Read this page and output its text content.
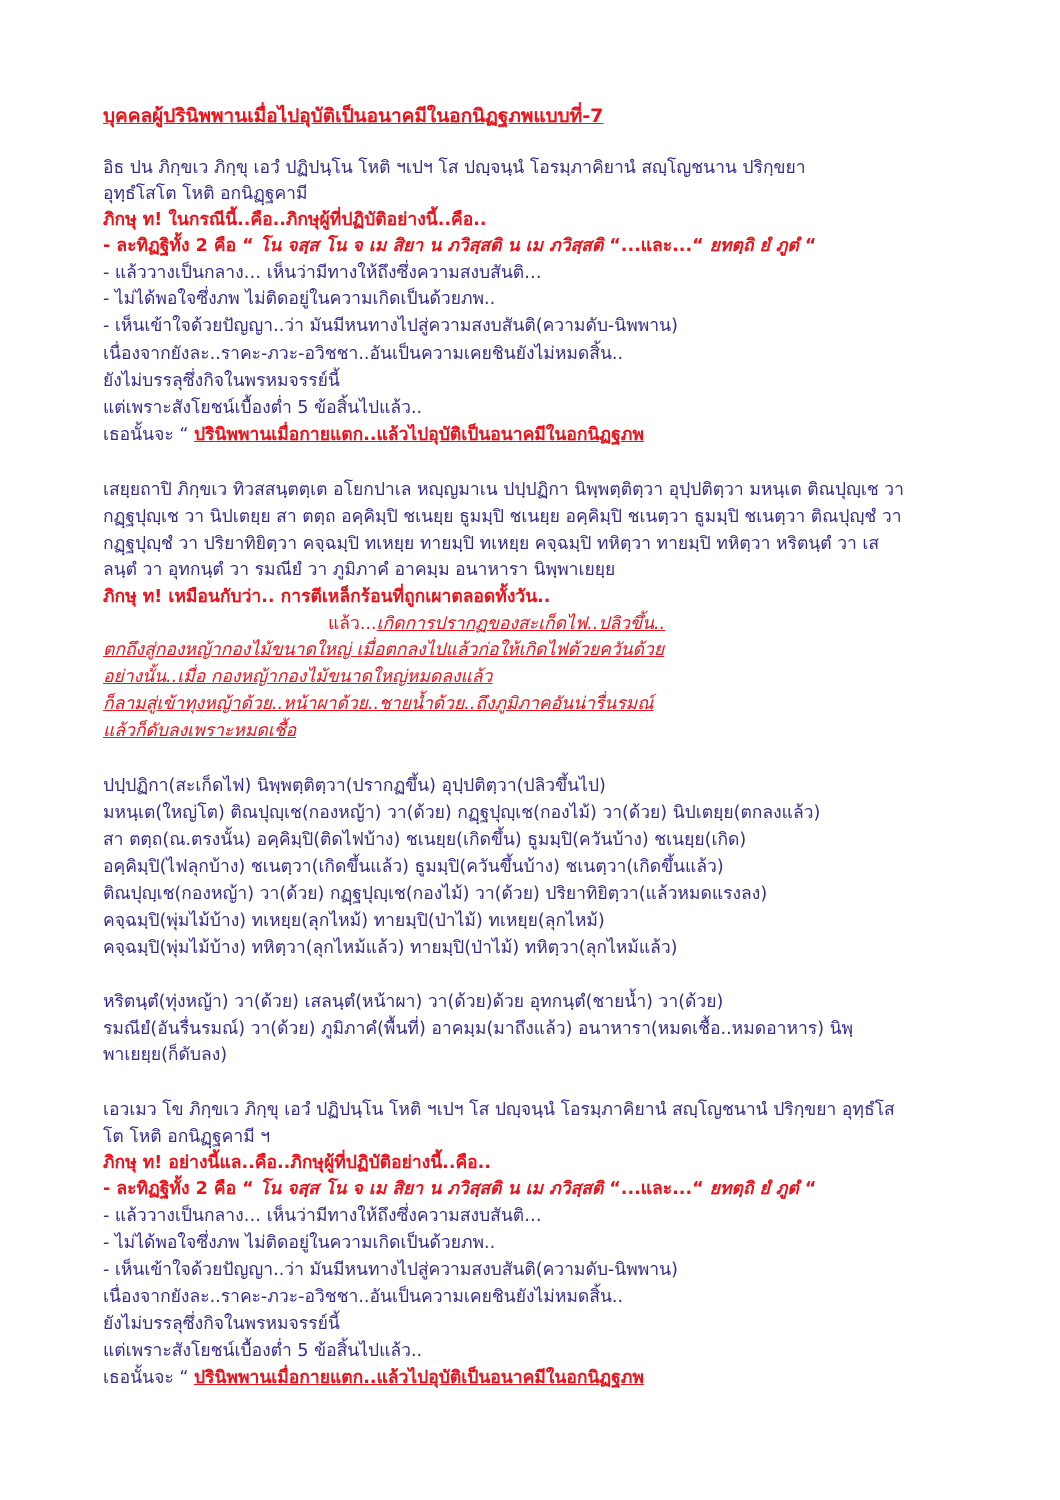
บุคคลผู้ปรินิพพานเมื่อไปอุบัติเป็นอนาคมีในอกนิฏฐภพแบบที่-7
อิธ ปน ภิกฺขเว ภิกฺขุ เอวํ ปฏิปนฺโน โหติ ฯเปฯ โส ปญฺจนฺนํ โอรมฺภาคิยานํ สญฺโญชนาน ปริกฺขยา
อุทฺธํโสโต โหติ อกนิฏฺฐคามี
ภิกษุ ท! ในกรณีนี้..คือ..ภิกษุผู้ที่ปฏิบัติอย่างนี้..คือ..
- ละทิฏฐิทั้ง 2 คือ “ โน จสฺส โน จ เม สิยา น ภวิสฺสติ น เม ภวิสฺสติ “...และ...“ ยทตฺถิ ยํ ภูตํ “
- แล้ววางเป็นกลาง… เห็นว่ามีทางให้ถึงซึ่งความสงบสันติ…
- ไม่ได้พอใจซึ่งภพ ไม่ติดอยู่ในความเกิดเป็นด้วยภพ..
- เห็นเข้าใจด้วยปัญญา..ว่า มันมีหนทางไปสู่ความสงบสันติ(ความดับ-นิพพาน)
เนื่องจากยังละ..ราคะ-ภวะ-อวิชชา..อันเป็นความเคยชินยังไม่หมดสิ้น..
ยังไม่บรรลุซึ่งกิจในพรหมจรรย์นี้
แต่เพราะสังโยชน์เบื้องต่ำ 5 ข้อสิ้นไปแล้ว..
เธอนั้นจะ “ ปรินิพพานเมื่อกายแตก..แล้วไปอุบัติเป็นอนาคมีในอกนิฏฐภพ
เสยฺยถาปิ ภิกฺขเว ทิวสสนฺตตฺเต อโยกปาเล หญฺญมาเน ปปฺปฏิกา นิพฺพตฺติตฺวา อุปฺปติตฺวา มหนฺเต ติณปุญฺเช วา
กฏฺฐปุญฺเช วา นิปเตยฺย สา ตตฺถ อคฺคิมฺปิ ชเนยฺย ธูมมฺปิ ชเนยฺย อคฺคิมฺปิ ชเนตฺวา ธูมมฺปิ ชเนตฺวา ติณปุญฺชํ วา
กฏฺฐปุญฺชํ วา ปริยาทิยิตฺวา คจฺฉมฺปิ ทเหยฺย ทายมฺปิ ทเหยฺย คจฺฉมฺปิ ทหิตฺวา ทายมฺปิ ทหิตฺวา หริตนฺตํ วา เส
ลนฺตํ วา อุทกนฺตํ วา รมณียํ วา ภูมิภาคํ อาคมฺม อนาหารา นิพฺพาเยยฺย
ภิกษุ ท! เหมือนกับว่า.. การตีเหล็กร้อนที่ถูกเผาตลอดทั้งวัน..
แล้ว...เกิดการปรากฏของสะเก็ดไฟ..ปลิวขึ้น..
ตกถึงสู่กองหญ้ากองไม้ขนาดใหญ่ เมื่อตกลงไปแล้วก่อให้เกิดไฟด้วยควันด้วย
อย่างนั้น..เมื่อ กองหญ้ากองไม้ขนาดใหญ่หมดลงแล้ว
ก็ลามสู่เข้าทุงหญ้าด้วย..หน้าผาด้วย..ชายน้ำด้วย..ถึงภูมิภาคอันน่ารื่นรมณ์
แล้วก็ดับลงเพราะหมดเชื้อ
ปปฺปฏิกา(สะเก็ดไฟ) นิพฺพตฺติตฺวา(ปรากฏขึ้น) อุปฺปติตฺวา(ปลิวขึ้นไป)
มหนฺเต(ใหญ่โต) ติณปุญฺเช(กองหญ้า) วา(ด้วย) กฏฺฐปุญฺเช(กองไม้) วา(ด้วย) นิปเตยฺย(ตกลงแล้ว)
สา ตตฺถ(ณ.ตรงนั้น) อคฺคิมฺปิ(ติดไฟบ้าง) ชเนยฺย(เกิดขึ้น) ธูมมฺปิ(ควันบ้าง) ชเนยฺย(เกิด)
อคฺคิมฺปิ(ไฟลุกบ้าง) ชเนตฺวา(เกิดขึ้นแล้ว) ธูมมฺปิ(ควันขึ้นบ้าง) ชเนตฺวา(เกิดขึ้นแล้ว)
ติณปุญฺเช(กองหญ้า) วา(ด้วย) กฏฺฐปุญฺเช(กองไม้) วา(ด้วย) ปริยาทิยิตฺวา(แล้วหมดแรงลง)
คจฺฉมฺปิ(พุ่มไม้บ้าง) ทเหยฺย(ลุกไหม้) ทายมฺปิ(ป่าไม้) ทเหยฺย(ลุกไหม้)
คจฺฉมฺปิ(พุ่มไม้บ้าง) ทหิตฺวา(ลุกไหม้แล้ว) ทายมฺปิ(ป่าไม้) ทหิตฺวา(ลุกไหม้แล้ว)
หริตนฺตํ(ทุ่งหญ้า) วา(ด้วย) เสลนฺตํ(หน้าผา) วา(ด้วย)ด้วย อุทกนฺตํ(ชายน้ำ) วา(ด้วย)
รมณียํ(อันรื่นรมณ์) วา(ด้วย) ภูมิภาคํ(พื้นที่) อาคมฺม(มาถึงแล้ว) อนาหารา(หมดเชื้อ..หมดอาหาร) นิพฺ
พาเยยฺย(ก็ดับลง)
เอวเมว โข ภิกฺขเว ภิกฺขุ เอวํ ปฏิปนฺโน โหติ ฯเปฯ โส ปญฺจนฺนํ โอรมฺภาคิยานํ สญฺโญชนานํ ปริกฺขยา อุทฺธํโส
โต โหติ อกนิฏฺฐคามี ฯ
ภิกษุ ท! อย่างนี้แล..คือ..ภิกษุผู้ที่ปฏิบัติอย่างนี้..คือ..
- ละทิฏฐิทั้ง 2 คือ “ โน จสฺส โน จ เม สิยา น ภวิสฺสติ น เม ภวิสฺสติ “...และ...“ ยทตฺถิ ยํ ภูตํ “
- แล้ววางเป็นกลาง… เห็นว่ามีทางให้ถึงซึ่งความสงบสันติ…
- ไม่ได้พอใจซึ่งภพ ไม่ติดอยู่ในความเกิดเป็นด้วยภพ..
- เห็นเข้าใจด้วยปัญญา..ว่า มันมีหนทางไปสู่ความสงบสันติ(ความดับ-นิพพาน)
เนื่องจากยังละ..ราคะ-ภวะ-อวิชชา..อันเป็นความเคยชินยังไม่หมดสิ้น..
ยังไม่บรรลุซึ่งกิจในพรหมจรรย์นี้
แต่เพราะสังโยชน์เบื้องต่ำ 5 ข้อสิ้นไปแล้ว..
เธอนั้นจะ “ ปรินิพพานเมื่อกายแตก..แล้วไปอุบัติเป็นอนาคมีในอกนิฏฐภพ
